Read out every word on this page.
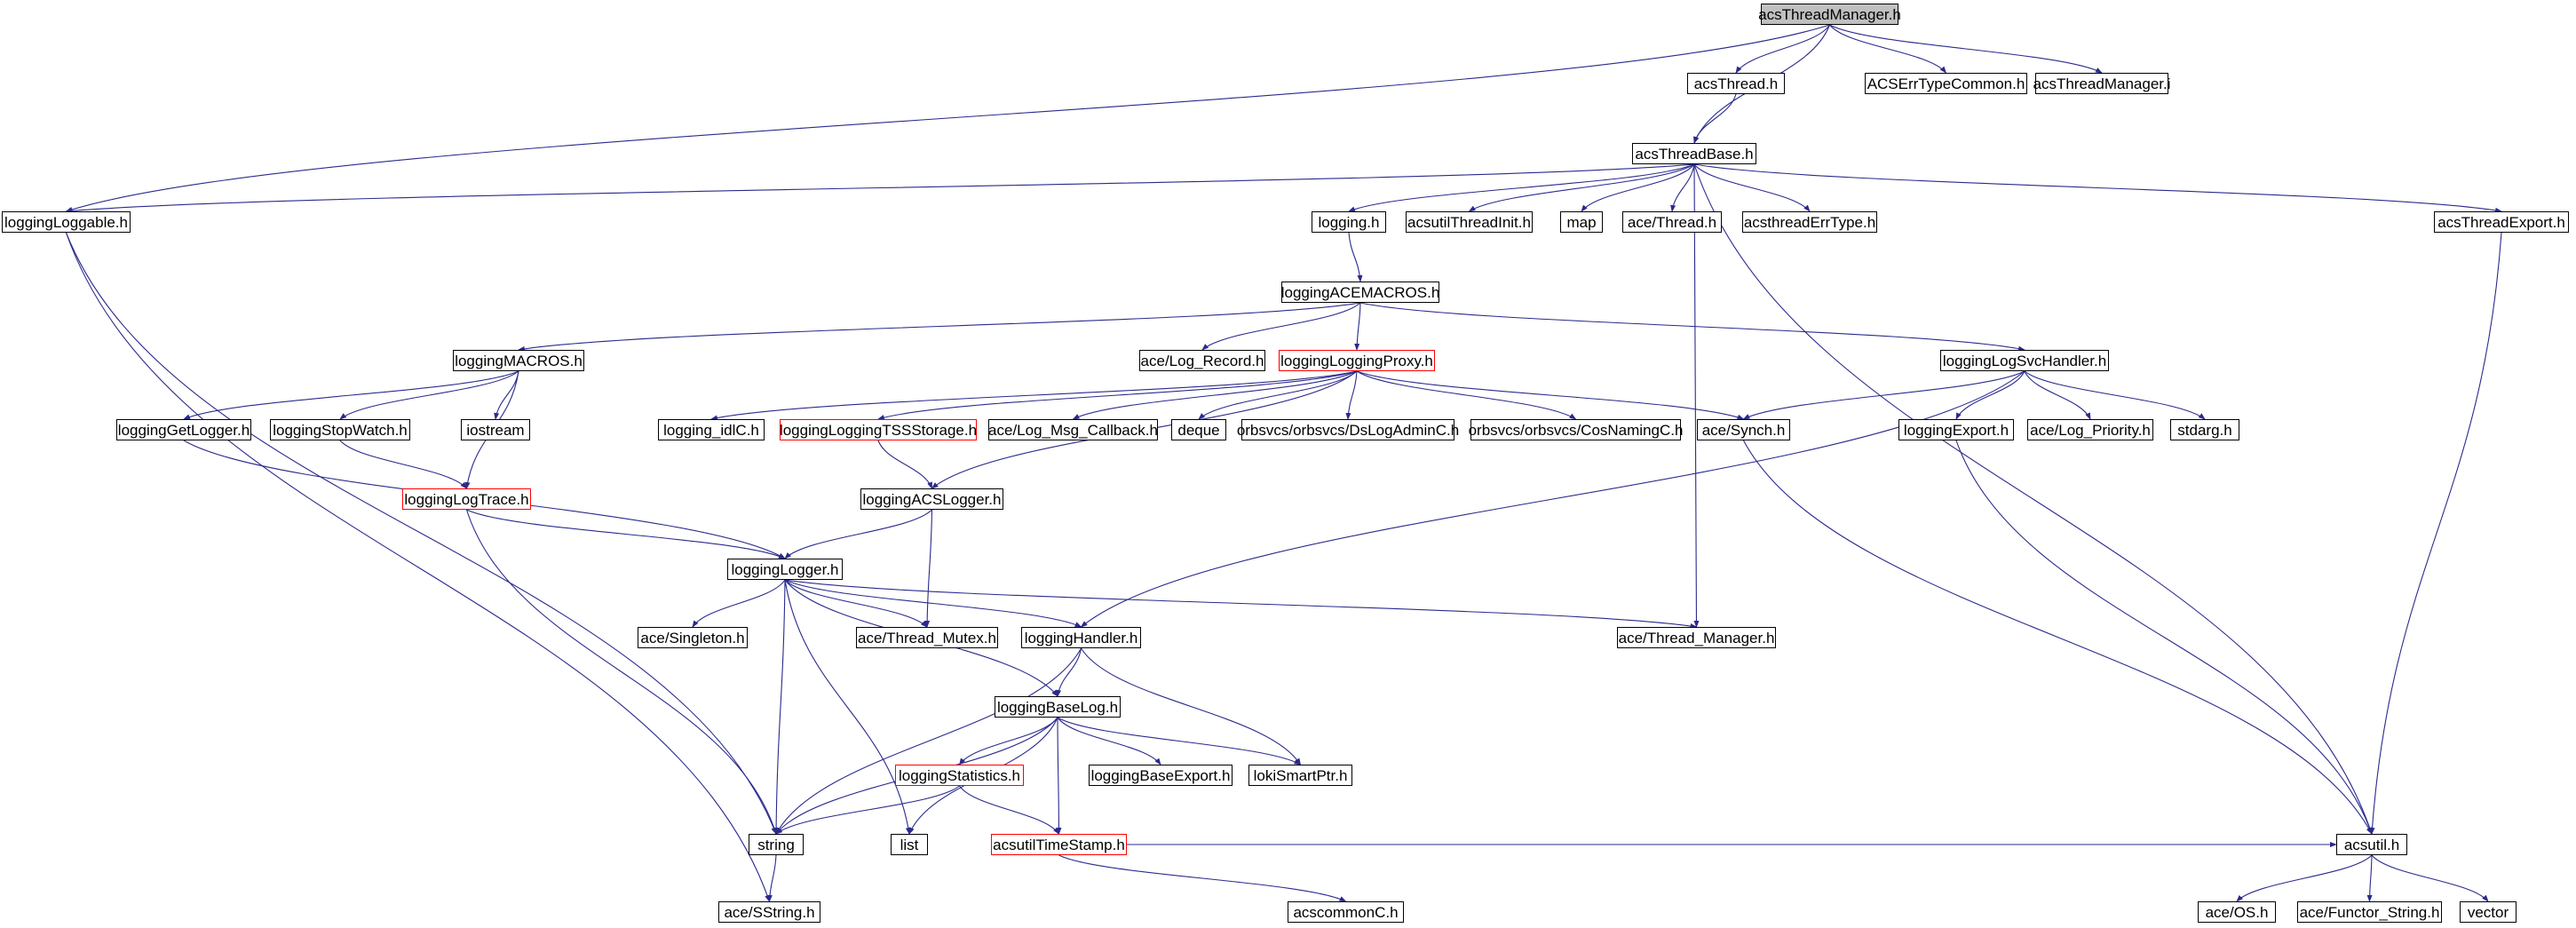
acsThreadManager.h
acsThread.h	ACSErrTypeCommon.h acsThreadManager.i
acsThreadBase.h
loggingLoggable.h	logging.h	acsutilThreadInit.h	map	ace/Thread.h	acsthreadErrType.h	acsThreadExport.h
loggingACEMACROS.h
loggingMACROS.h	ace/Log_Record.h loggingLoggingProxy.h	loggingLogSvcHandler.h
loggingGetLogger.h loggingStopWatch.h	iostream	logging_idlC.h	loggingLoggingTSSStorage.h ace/Log_Msg_Callback.h	deque	orbsvcs/orbsvcs/DsLogAdminC.h orbsvcs/orbsvcs/CosNamingC.h	ace/Synch.h	loggingExport.h	ace/Log_Priority.h	stdarg.h
loggingLogTrace.h	loggingACSLogger.h
loggingLogger.h
ace/Singleton.h	ace/Thread_Mutex.h loggingHandler.h	ace/Thread_Manager.h
loggingBaseLog.h
loggingStatistics.h	loggingBaseExport.h	lokiSmartPtr.h
string	list	acsutilTimeStamp.h	acsutil.h
ace/SString.h	acscommonC.h	ace/OS.h	ace/Functor_String.h	vector
